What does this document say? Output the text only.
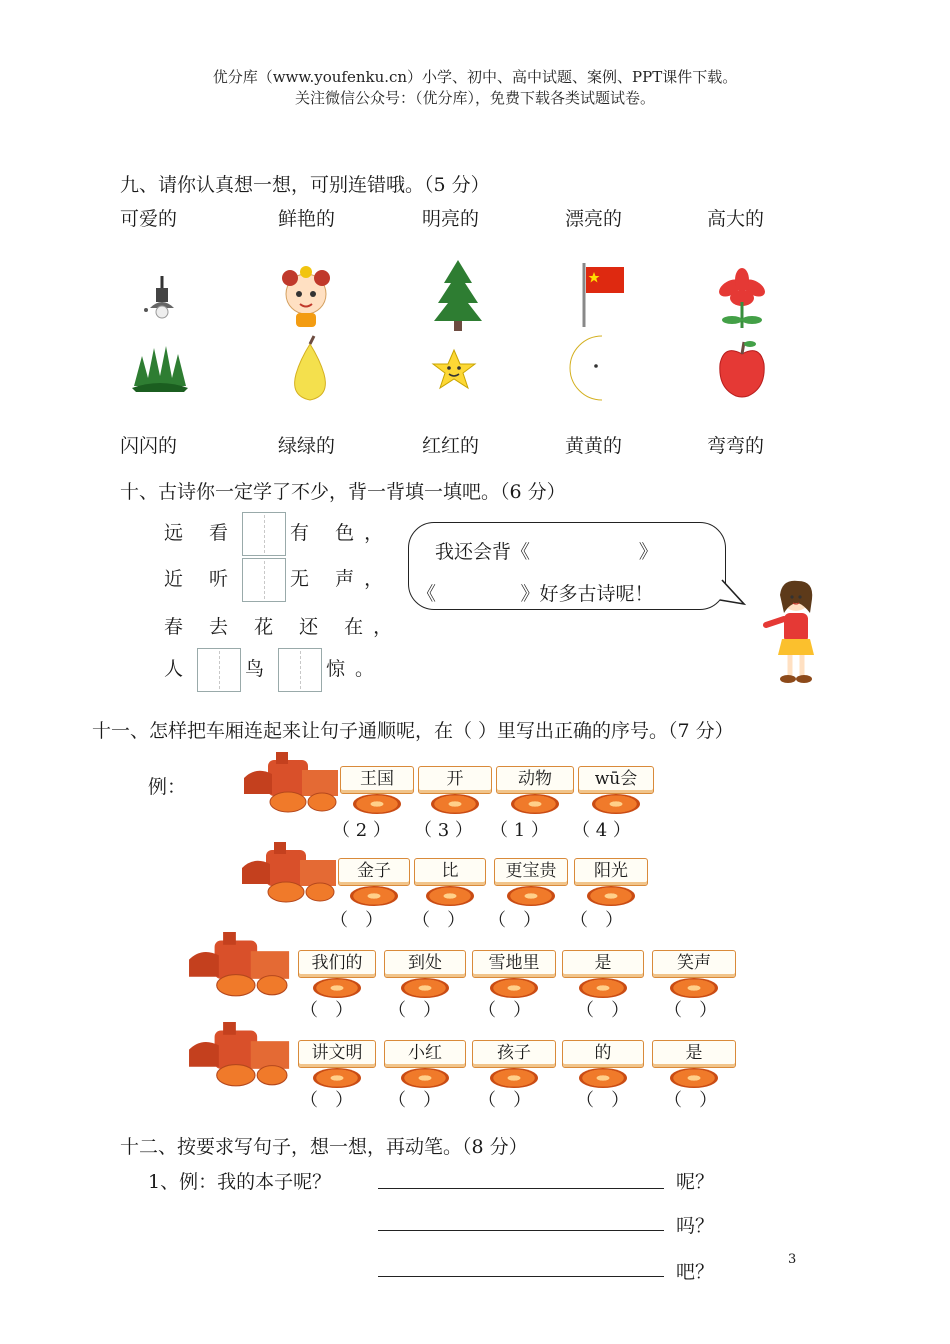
优分库（www.youfenku.cn）小学、初中、高中试题、案例、PPT课件下载。
关注微信公众号：（优分库），免费下载各类试题试卷。
九、请你认真想一想，可别连错哦。（5 分）
可爱的	鲜艳的	明亮的	漂亮的	高大的
闪闪的	绿绿的	红红的	黄黄的	弯弯的
十、古诗你一定学了不少，背一背填一填吧。（6 分）
远 看	有 色，
近 听	无 声，
春 去 花 还 在，
人	鸟	惊。
我还会背《                  》
《              》好多古诗呢！
十一、怎样把车厢连起来让句子通顺呢，在（ ）里写出正确的序号。（7 分）
例：	王国	开	动物	wū会
（ 2 ） （ 3 ） （ 1 ） （ 4 ）
金子	比	更宝贵	阳光
（   ） （   ） （   ） （   ）
我们的	到处	雪地里	是	笑声
（   ） （   ） （   ） （   ） （   ）
讲文明	小红	孩子	的	是
（   ） （   ） （   ） （   ） （   ）
十二、按要求写句子，想一想，再动笔。（8 分）
1、例：我的本子呢？	呢？
吗？
吧？
3
